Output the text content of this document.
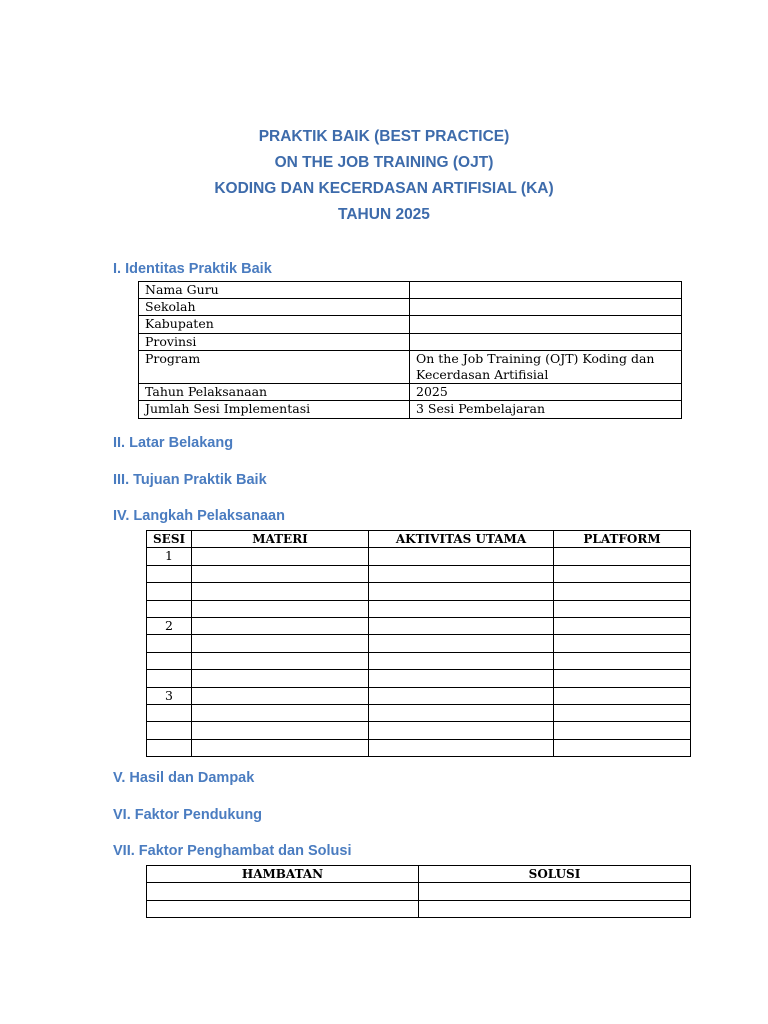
PRAKTIK BAIK (BEST PRACTICE)
ON THE JOB TRAINING (OJT)
KODING DAN KECERDASAN ARTIFISIAL (KA)
TAHUN 2025
I. Identitas Praktik Baik
Nama Guru	
Sekolah	
Kabupaten	
Provinsi	
Program	On the Job Training (OJT) Koding dan Kecerdasan Artifisial
Tahun Pelaksanaan	2025
Jumlah Sesi Implementasi	3 Sesi Pembelajaran
II. Latar Belakang
III. Tujuan Praktik Baik
IV. Langkah Pelaksanaan
SESI	MATERI	AKTIVITAS UTAMA	PLATFORM
1			

2			

3			

V. Hasil dan Dampak
VI. Faktor Pendukung
VII. Faktor Penghambat dan Solusi
HAMBATAN	SOLUSI
